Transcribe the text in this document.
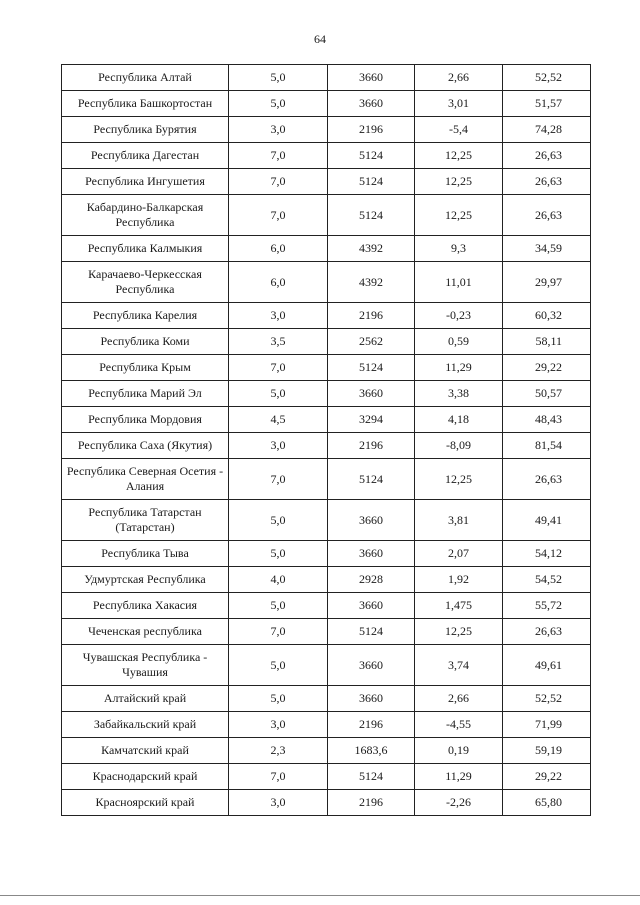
64
Республика Алтай	5,0	3660	2,66	52,52
Республика Башкортостан	5,0	3660	3,01	51,57
Республика Бурятия	3,0	2196	-5,4	74,28
Республика Дагестан	7,0	5124	12,25	26,63
Республика Ингушетия	7,0	5124	12,25	26,63
Кабардино-Балкарская Республика	7,0	5124	12,25	26,63
Республика Калмыкия	6,0	4392	9,3	34,59
Карачаево-Черкесская Республика	6,0	4392	11,01	29,97
Республика Карелия	3,0	2196	-0,23	60,32
Республика Коми	3,5	2562	0,59	58,11
Республика Крым	7,0	5124	11,29	29,22
Республика Марий Эл	5,0	3660	3,38	50,57
Республика Мордовия	4,5	3294	4,18	48,43
Республика Саха (Якутия)	3,0	2196	-8,09	81,54
Республика Северная Осетия - Алания	7,0	5124	12,25	26,63
Республика Татарстан (Татарстан)	5,0	3660	3,81	49,41
Республика Тыва	5,0	3660	2,07	54,12
Удмуртская Республика	4,0	2928	1,92	54,52
Республика Хакасия	5,0	3660	1,475	55,72
Чеченская республика	7,0	5124	12,25	26,63
Чувашская Республика - Чувашия	5,0	3660	3,74	49,61
Алтайский край	5,0	3660	2,66	52,52
Забайкальский край	3,0	2196	-4,55	71,99
Камчатский край	2,3	1683,6	0,19	59,19
Краснодарский край	7,0	5124	11,29	29,22
Красноярский край	3,0	2196	-2,26	65,80
